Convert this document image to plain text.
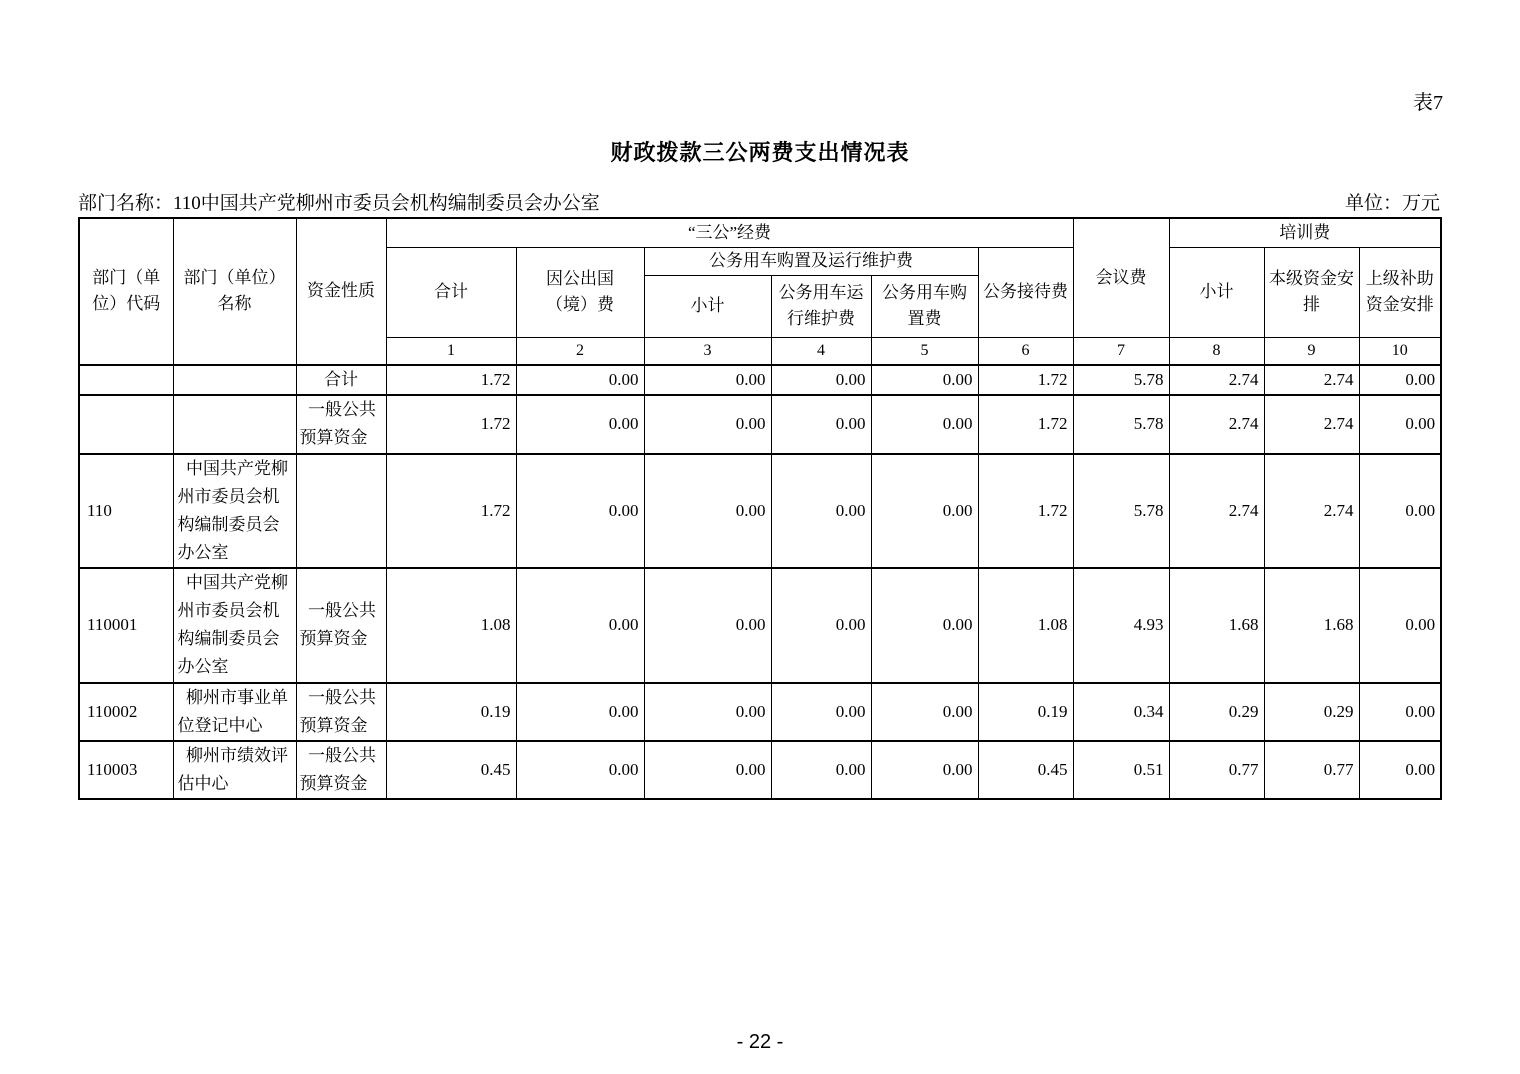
表7
财政拨款三公两费支出情况表
部门名称：110中国共产党柳州市委员会机构编制委员会办公室	单位：万元
部门（单位）代码	部门（单位）名称	资金性质	“三公”经费						会议费	培训费		
			合计	因公出国（境）费	公务用车购置及运行维护费			公务接待费		小计	本级资金安排	上级补助资金安排
					小计	公务用车运行维护费	公务用车购置费					
			1	2	3	4	5	6	7	8	9	10
		合计	1.72	0.00	0.00	0.00	0.00	1.72	5.78	2.74	2.74	0.00
		一般公共预算资金	1.72	0.00	0.00	0.00	0.00	1.72	5.78	2.74	2.74	0.00
110	中国共产党柳州市委员会机构编制委员会办公室		1.72	0.00	0.00	0.00	0.00	1.72	5.78	2.74	2.74	0.00
110001	中国共产党柳州市委员会机构编制委员会办公室	一般公共预算资金	1.08	0.00	0.00	0.00	0.00	1.08	4.93	1.68	1.68	0.00
110002	柳州市事业单位登记中心	一般公共预算资金	0.19	0.00	0.00	0.00	0.00	0.19	0.34	0.29	0.29	0.00
110003	柳州市绩效评估中心	一般公共预算资金	0.45	0.00	0.00	0.00	0.00	0.45	0.51	0.77	0.77	0.00
- 22 -
